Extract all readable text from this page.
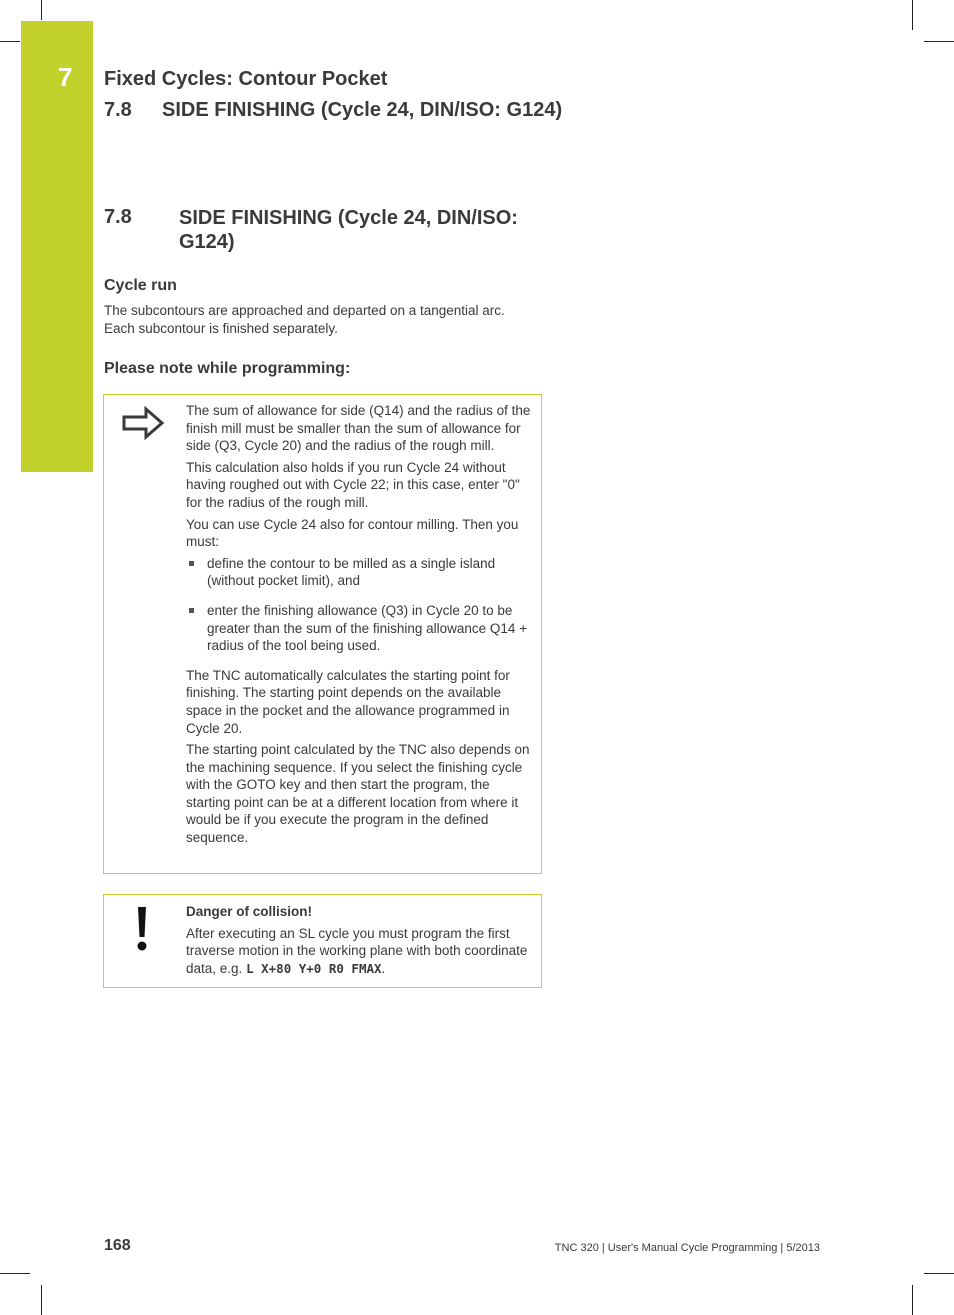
7 Fixed Cycles: Contour Pocket
7.8 SIDE FINISHING (Cycle 24, DIN/ISO: G124)
7.8 SIDE FINISHING (Cycle 24, DIN/ISO: G124)
Cycle run
The subcontours are approached and departed on a tangential arc.
Each subcontour is finished separately.
Please note while programming:

The sum of allowance for side (Q14) and the radius of the finish mill must be smaller than the sum of allowance for side (Q3, Cycle 20) and the radius of the rough mill.

This calculation also holds if you run Cycle 24 without having roughed out with Cycle 22; in this case, enter "0" for the radius of the rough mill.

You can use Cycle 24 also for contour milling. Then you must:

define the contour to be milled as a single island (without pocket limit), and
enter the finishing allowance (Q3) in Cycle 20 to be greater than the sum of the finishing allowance Q14 + radius of the tool being used.

The TNC automatically calculates the starting point for finishing. The starting point depends on the available space in the pocket and the allowance programmed in Cycle 20.

The starting point calculated by the TNC also depends on the machining sequence. If you select the finishing cycle with the GOTO key and then start the program, the starting point can be at a different location from where it would be if you execute the program in the defined sequence.

Danger of collision!
After executing an SL cycle you must program the first traverse motion in the working plane with both coordinate data, e.g. L X+80 Y+0 R0 FMAX.
168	TNC 320 | User's Manual Cycle Programming | 5/2013
